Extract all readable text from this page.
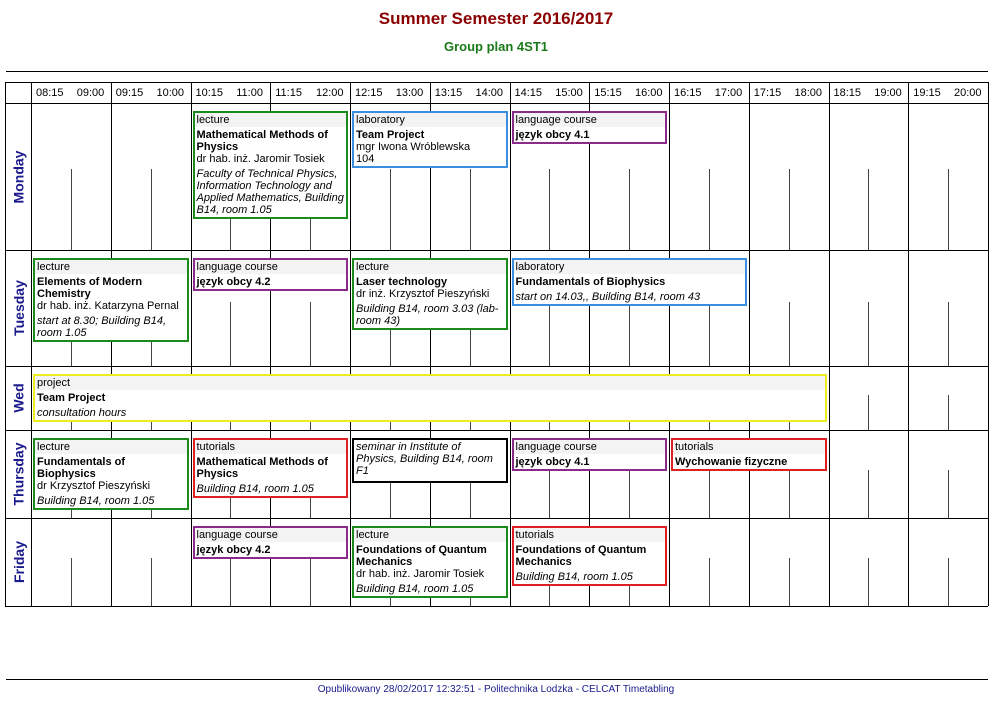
Summer Semester 2016/2017
Group plan 4ST1
08:15 09:00 09:15 10:00 10:15 11:00 11:15 12:00 12:15 13:00 13:15 14:00 14:15 15:00 15:15 16:00 16:15 17:00 17:15 18:00 18:15 19:00 19:15 20:00
Monday
Tuesday
Wed
Thursday
Friday
lecture
Mathematical Methods of Physics
dr hab. inż. Jaromir Tosiek
Faculty of Technical Physics, Information Technology and Applied Mathematics, Building B14, room 1.05
laboratory
Team Project
mgr Iwona Wróblewska
104
language course
język obcy 4.1
lecture
Elements of Modern Chemistry
dr hab. inż. Katarzyna Pernal
start at 8.30; Building B14, room 1.05
language course
język obcy 4.2
lecture
Laser technology
dr inż. Krzysztof Pieszyński
Building B14, room 3.03 (lab-room 43)
laboratory
Fundamentals of Biophysics
start on 14.03,, Building B14, room 43
project
Team Project
consultation hours
lecture
Fundamentals of Biophysics
dr Krzysztof Pieszyński
Building B14, room 1.05
tutorials
Mathematical Methods of Physics
Building B14, room 1.05
seminar in Institute of Physics, Building B14, room F1
language course
język obcy 4.1
tutorials
Wychowanie fizyczne
language course
język obcy 4.2
lecture
Foundations of Quantum Mechanics
dr hab. inż. Jaromir Tosiek
Building B14, room 1.05
tutorials
Foundations of Quantum Mechanics
Building B14, room 1.05
Opublikowany 28/02/2017 12:32:51 - Politechnika Lodzka - CELCAT Timetabling
